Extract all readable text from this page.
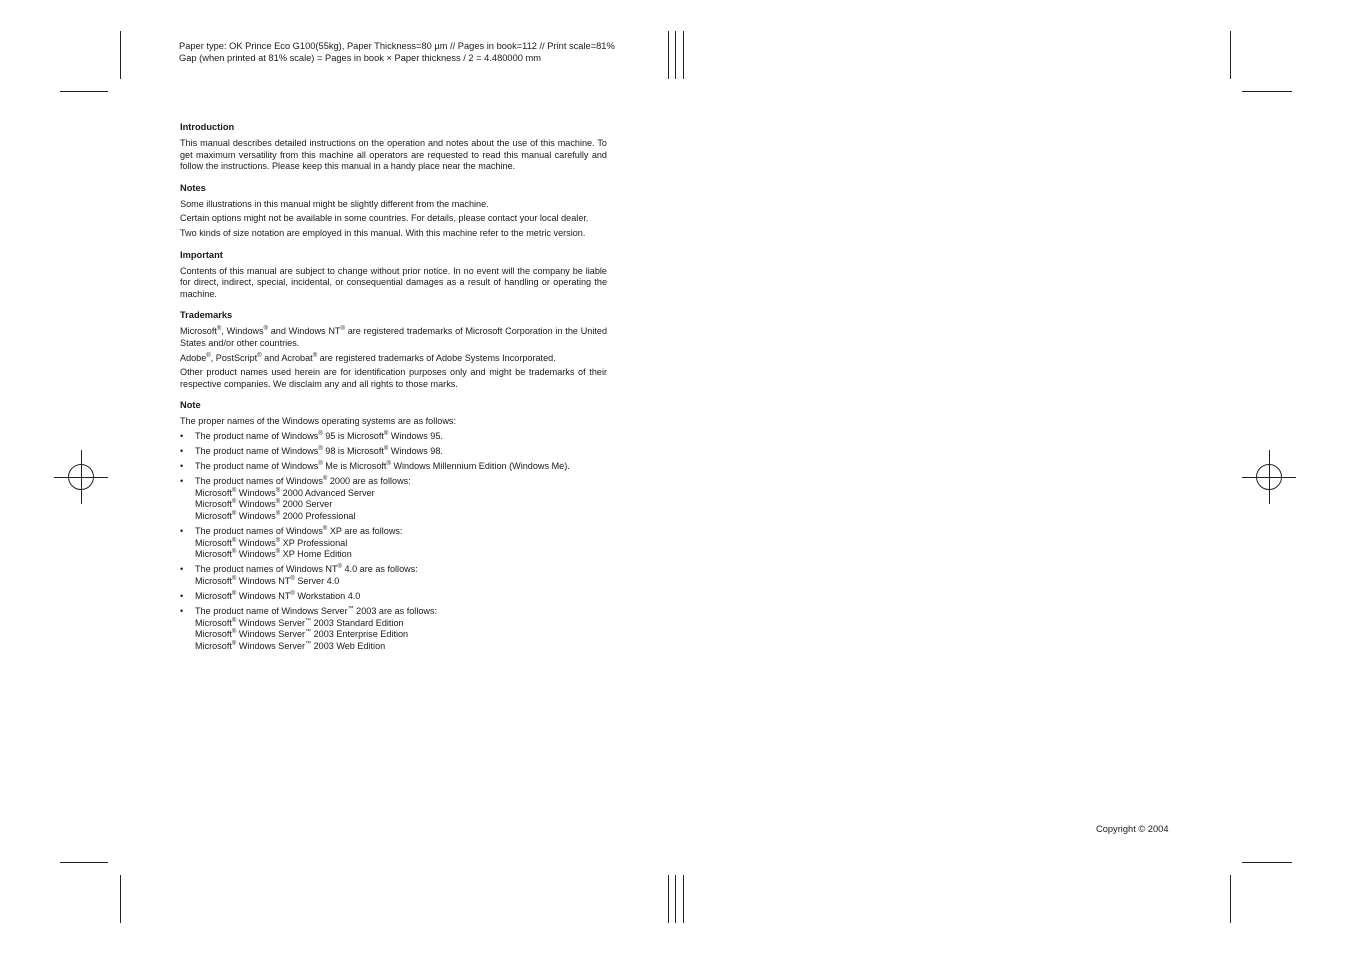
Paper type: OK Prince Eco G100(55kg), Paper Thickness=80 µm // Pages in book=112 // Print scale=81%
Gap (when printed at 81% scale) = Pages in book × Paper thickness / 2 = 4.480000 mm
Introduction

This manual describes detailed instructions on the operation and notes about the use of this machine. To get maximum versatility from this machine all operators are requested to read this manual carefully and follow the instructions. Please keep this manual in a handy place near the machine.

Notes

Some illustrations in this manual might be slightly different from the machine.

Certain options might not be available in some countries. For details, please contact your local dealer.

Two kinds of size notation are employed in this manual. With this machine refer to the metric version.

Important

Contents of this manual are subject to change without prior notice. In no event will the company be liable for direct, indirect, special, incidental, or consequential damages as a result of handling or operating the machine.

Trademarks

Microsoft®, Windows® and Windows NT® are registered trademarks of Microsoft Corporation in the United States and/or other countries.

Adobe®, PostScript® and Acrobat® are registered trademarks of Adobe Systems Incorporated.

Other product names used herein are for identification purposes only and might be trademarks of their respective companies. We disclaim any and all rights to those marks.

Note

The proper names of the Windows operating systems are as follows:

• The product name of Windows® 95 is Microsoft® Windows 95.
• The product name of Windows® 98 is Microsoft® Windows 98.
• The product name of Windows® Me is Microsoft® Windows Millennium Edition (Windows Me).
• The product names of Windows® 2000 are as follows:
Microsoft® Windows® 2000 Advanced Server
Microsoft® Windows® 2000 Server
Microsoft® Windows® 2000 Professional
• The product names of Windows® XP are as follows:
Microsoft® Windows® XP Professional
Microsoft® Windows® XP Home Edition
• The product names of Windows NT® 4.0 are as follows:
Microsoft® Windows NT® Server 4.0
• Microsoft® Windows NT® Workstation 4.0
• The product name of Windows Server™ 2003 are as follows:
Microsoft® Windows Server™ 2003 Standard Edition
Microsoft® Windows Server™ 2003 Enterprise Edition
Microsoft® Windows Server™ 2003 Web Edition
Copyright © 2004
